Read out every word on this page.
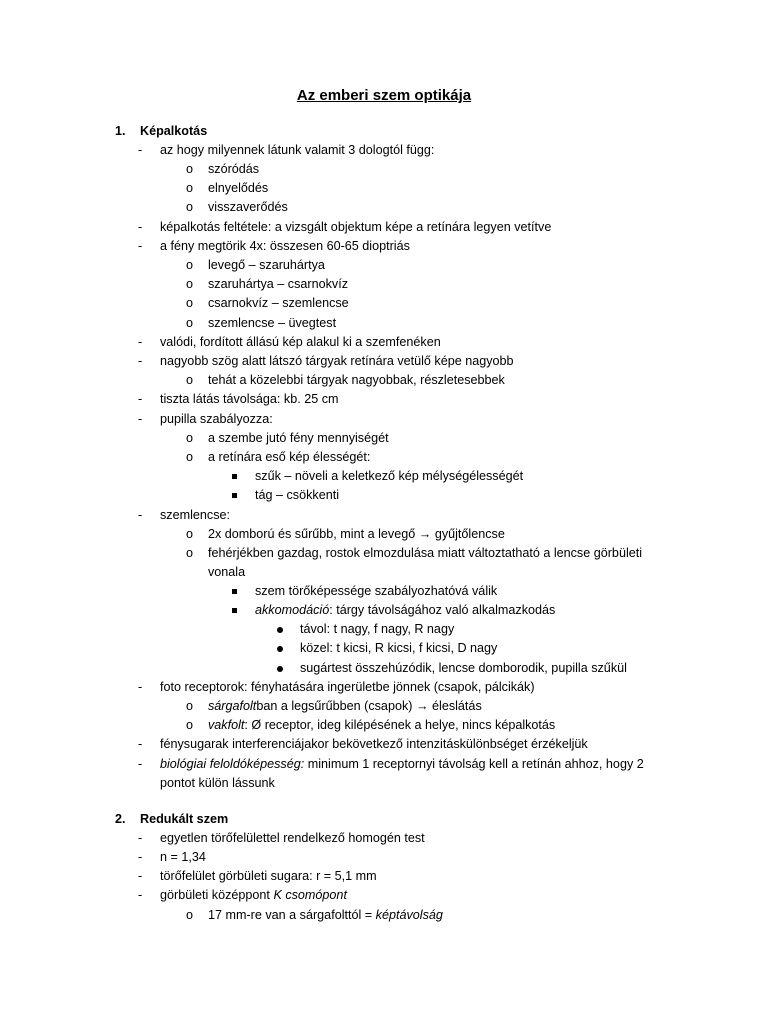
Az emberi szem optikája
1. Képalkotás
- az hogy milyennek látunk valamit 3 dologtól függ:
o szóródás
o elnyelődés
o visszaverődés
- képalkotás feltétele: a vizsgált objektum képe a retínára legyen vetítve
- a fény megtörik 4x: összesen 60-65 dioptriás
o levegő – szaruhártya
o szaruhártya – csarnokvíz
o csarnokvíz – szemlencse
o szemlencse – üvegtest
- valódi, fordított állású kép alakul ki a szemfenéken
- nagyobb szög alatt látszó tárgyak retínára vetülő képe nagyobb
o tehát a közelebbi tárgyak nagyobbak, részletesebbek
- tiszta látás távolsága: kb. 25 cm
- pupilla szabályozza:
o a szembe jutó fény mennyiségét
o a retínára eső kép élességét:
szűk – növeli a keletkező kép mélységélességét
tág – csökkenti
- szemlencse:
o 2x domború és sűrűbb, mint a levegő → gyűjtőlencse
o fehérjékben gazdag, rostok elmozdulása miatt változtatható a lencse görbületi
vonala
szem törőképessége szabályozhatóvá válik
akkomodáció: tárgy távolságához való alkalmazkodás
távol: t nagy, f nagy, R nagy
közel: t kicsi, R kicsi, f kicsi, D nagy
sugártest összehúzódik, lencse domborodik, pupilla szűkül
- foto receptorok: fényhatására ingerületbe jönnek (csapok, pálcikák)
o sárgafoltban a legsűrűbben (csapok) → éleslátás
o vakfolt: Ø receptor, ideg kilépésének a helye, nincs képalkotás
- fénysugarak interferenciájakor bekövetkező intenzitáskülönbséget érzékeljük
- biológiai feloldóképesség: minimum 1 receptornyi távolság kell a retínán ahhoz, hogy 2
pontot külön lássunk
2. Redukált szem
- egyetlen törőfelülettel rendelkező homogén test
- n = 1,34
- törőfelület görbületi sugara: r = 5,1 mm
- görbületi középpont K csomópont
o 17 mm-re van a sárgafolttól = képtávolság
